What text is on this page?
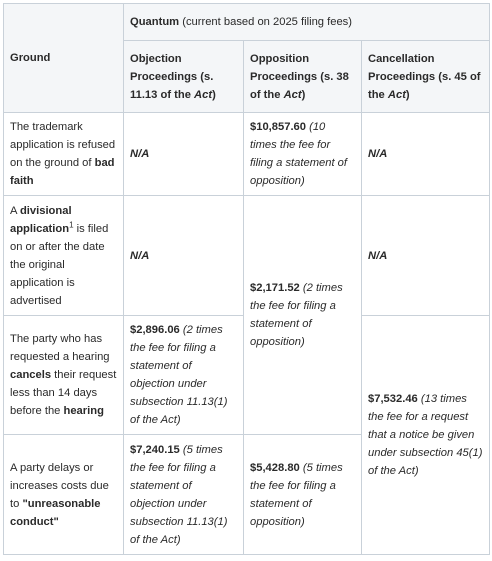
Ground	Quantum (current based on 2025 filing fees)		
	Objection Proceedings (s. 11.13 of the Act)	Opposition Proceedings (s. 38 of the Act)	Cancellation Proceedings (s. 45 of the Act)
The trademark application is refused on the ground of bad faith	N/A	$10,857.60 (10 times the fee for filing a statement of opposition)	N/A
A divisional application$^1$ is filed on or after the date the original application is advertised	N/A	$2,171.52 (2 times the fee for filing a statement of opposition)	N/A
The party who has requested a hearing cancels their request less than 14 days before the hearing	$2,896.06 (2 times the fee for filing a statement of objection under subsection 11.13(1) of the Act)		$7,532.46 (13 times the fee for a request that a notice be given under subsection 45(1) of the Act)
A party delays or increases costs due to "unreasonable conduct"	$7,240.15 (5 times the fee for filing a statement of objection under subsection 11.13(1) of the Act)	$5,428.80 (5 times the fee for filing a statement of opposition)	
